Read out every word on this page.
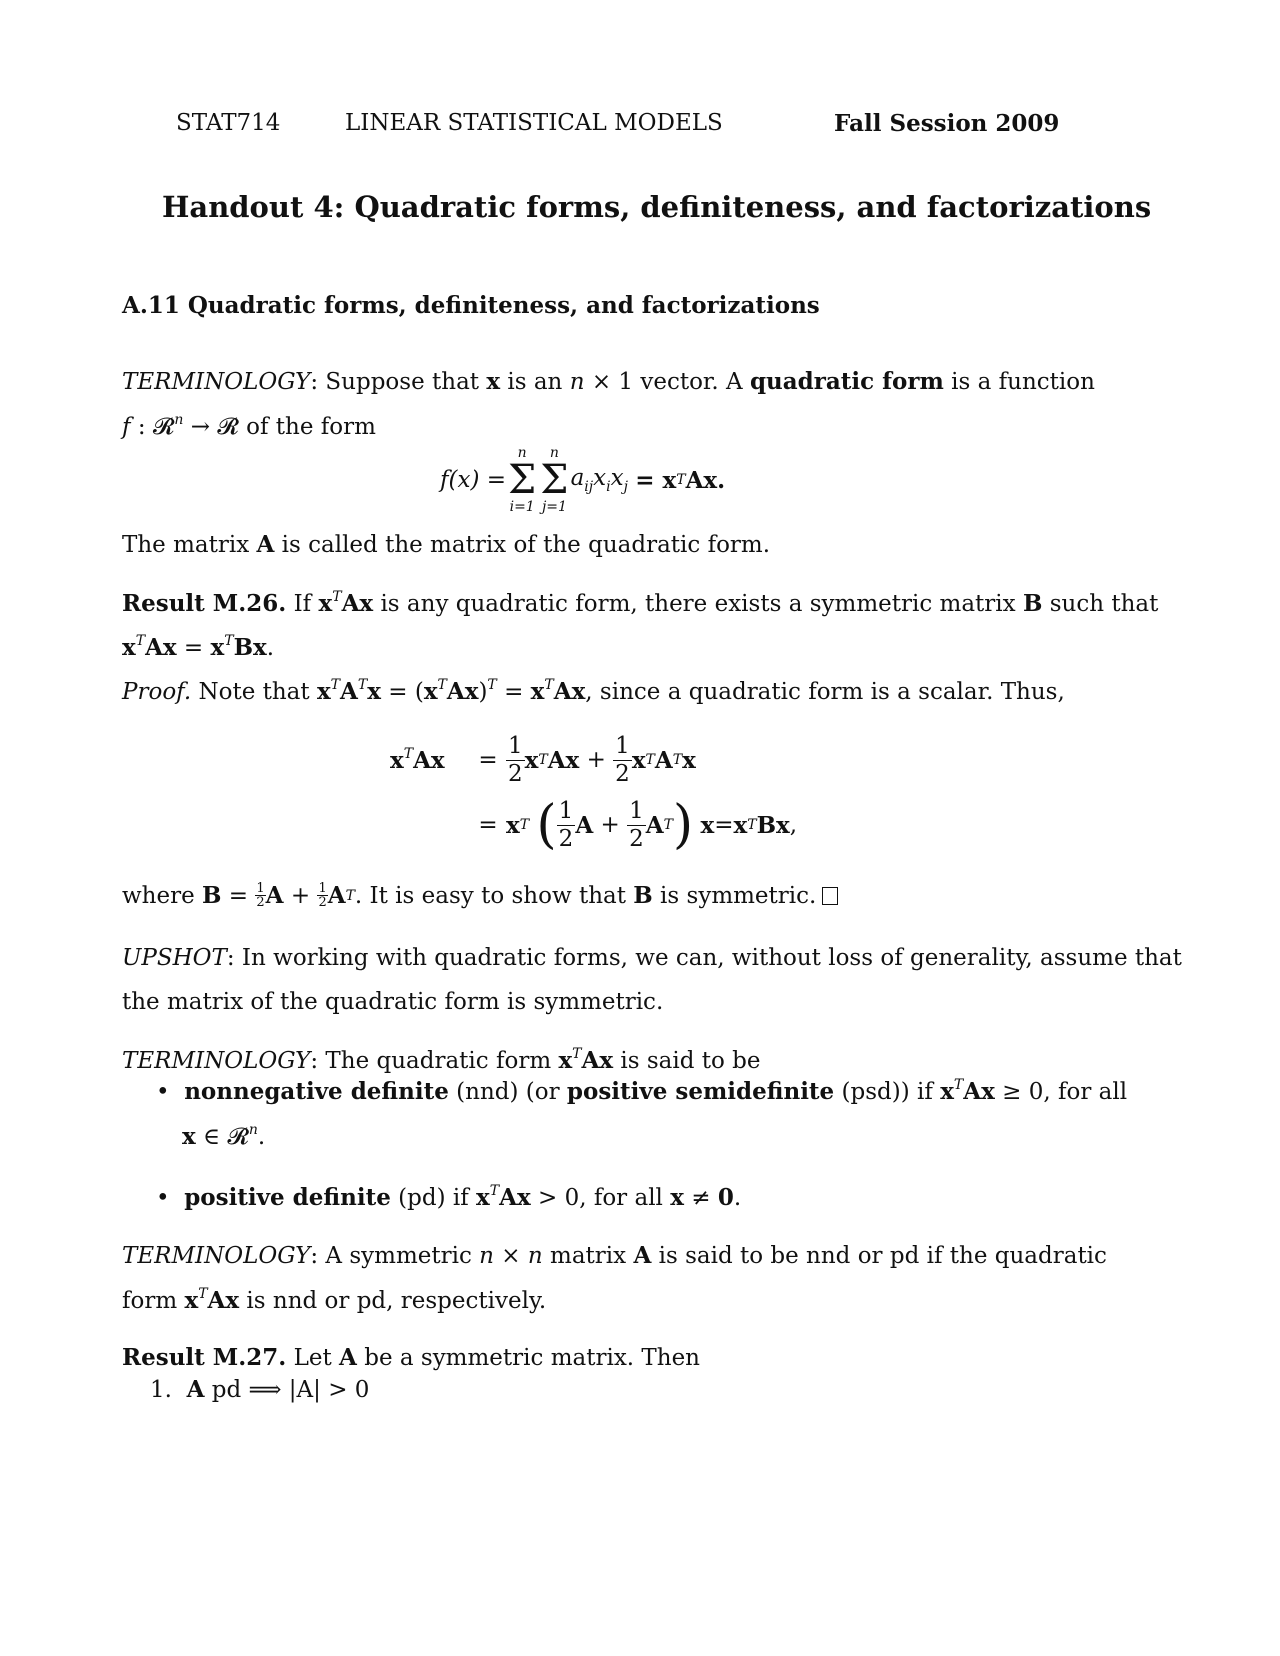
STAT714	LINEAR STATISTICAL MODELS	Fall Session 2009
Handout 4: Quadratic forms, definiteness, and factorizations
A.11 Quadratic forms, definiteness, and factorizations
TERMINOLOGY: Suppose that x is an n × 1 vector. A quadratic form is a function
f : 𝓡$^n$ → 𝓡 of the form
f(x) =
n
Σ
i=1
n
Σ
j=1
$a_{ij}x_ix_j$
= x T Ax.
The matrix A is called the matrix of the quadratic form.
Result M.26. If $x^TAx$ is any quadratic form, there exists a symmetric matrix B such that
$x^TAx = x^TBx$.
Proof. Note that $x^TA^Tx = (x^TAx)^T = x^TAx$, since a quadratic form is a scalar. Thus,
$x^TAx$	= $\frac{1}{2}$ x T $Ax + \frac{1}{2}$ x T A T x
= x T
( $\frac{1}{2}$ $A + \frac{1}{2}$ A T )
x = x T Bx ,
where
$B = \frac{1}{2}$ $A + \frac{1}{2}$ A T . It is easy to show that
B
is symmetric.
UPSHOT: In working with quadratic forms, we can, without loss of generality, assume that
the matrix of the quadratic form is symmetric.
TERMINOLOGY: The quadratic form $x^TAx$ is said to be
• nonnegative definite (nnd) (or positive semidefinite (psd)) if $x^TAx \ge 0$, for all
x ∈ 𝓡$^n$.
• positive definite (pd) if $x^TAx > 0$, for all x ≠ 0.
TERMINOLOGY: A symmetric n × n matrix A is said to be nnd or pd if the quadratic
form $x^TAx$ is nnd or pd, respectively.
Result M.27. Let A be a symmetric matrix. Then
1. A pd ⟹ |A| > 0
